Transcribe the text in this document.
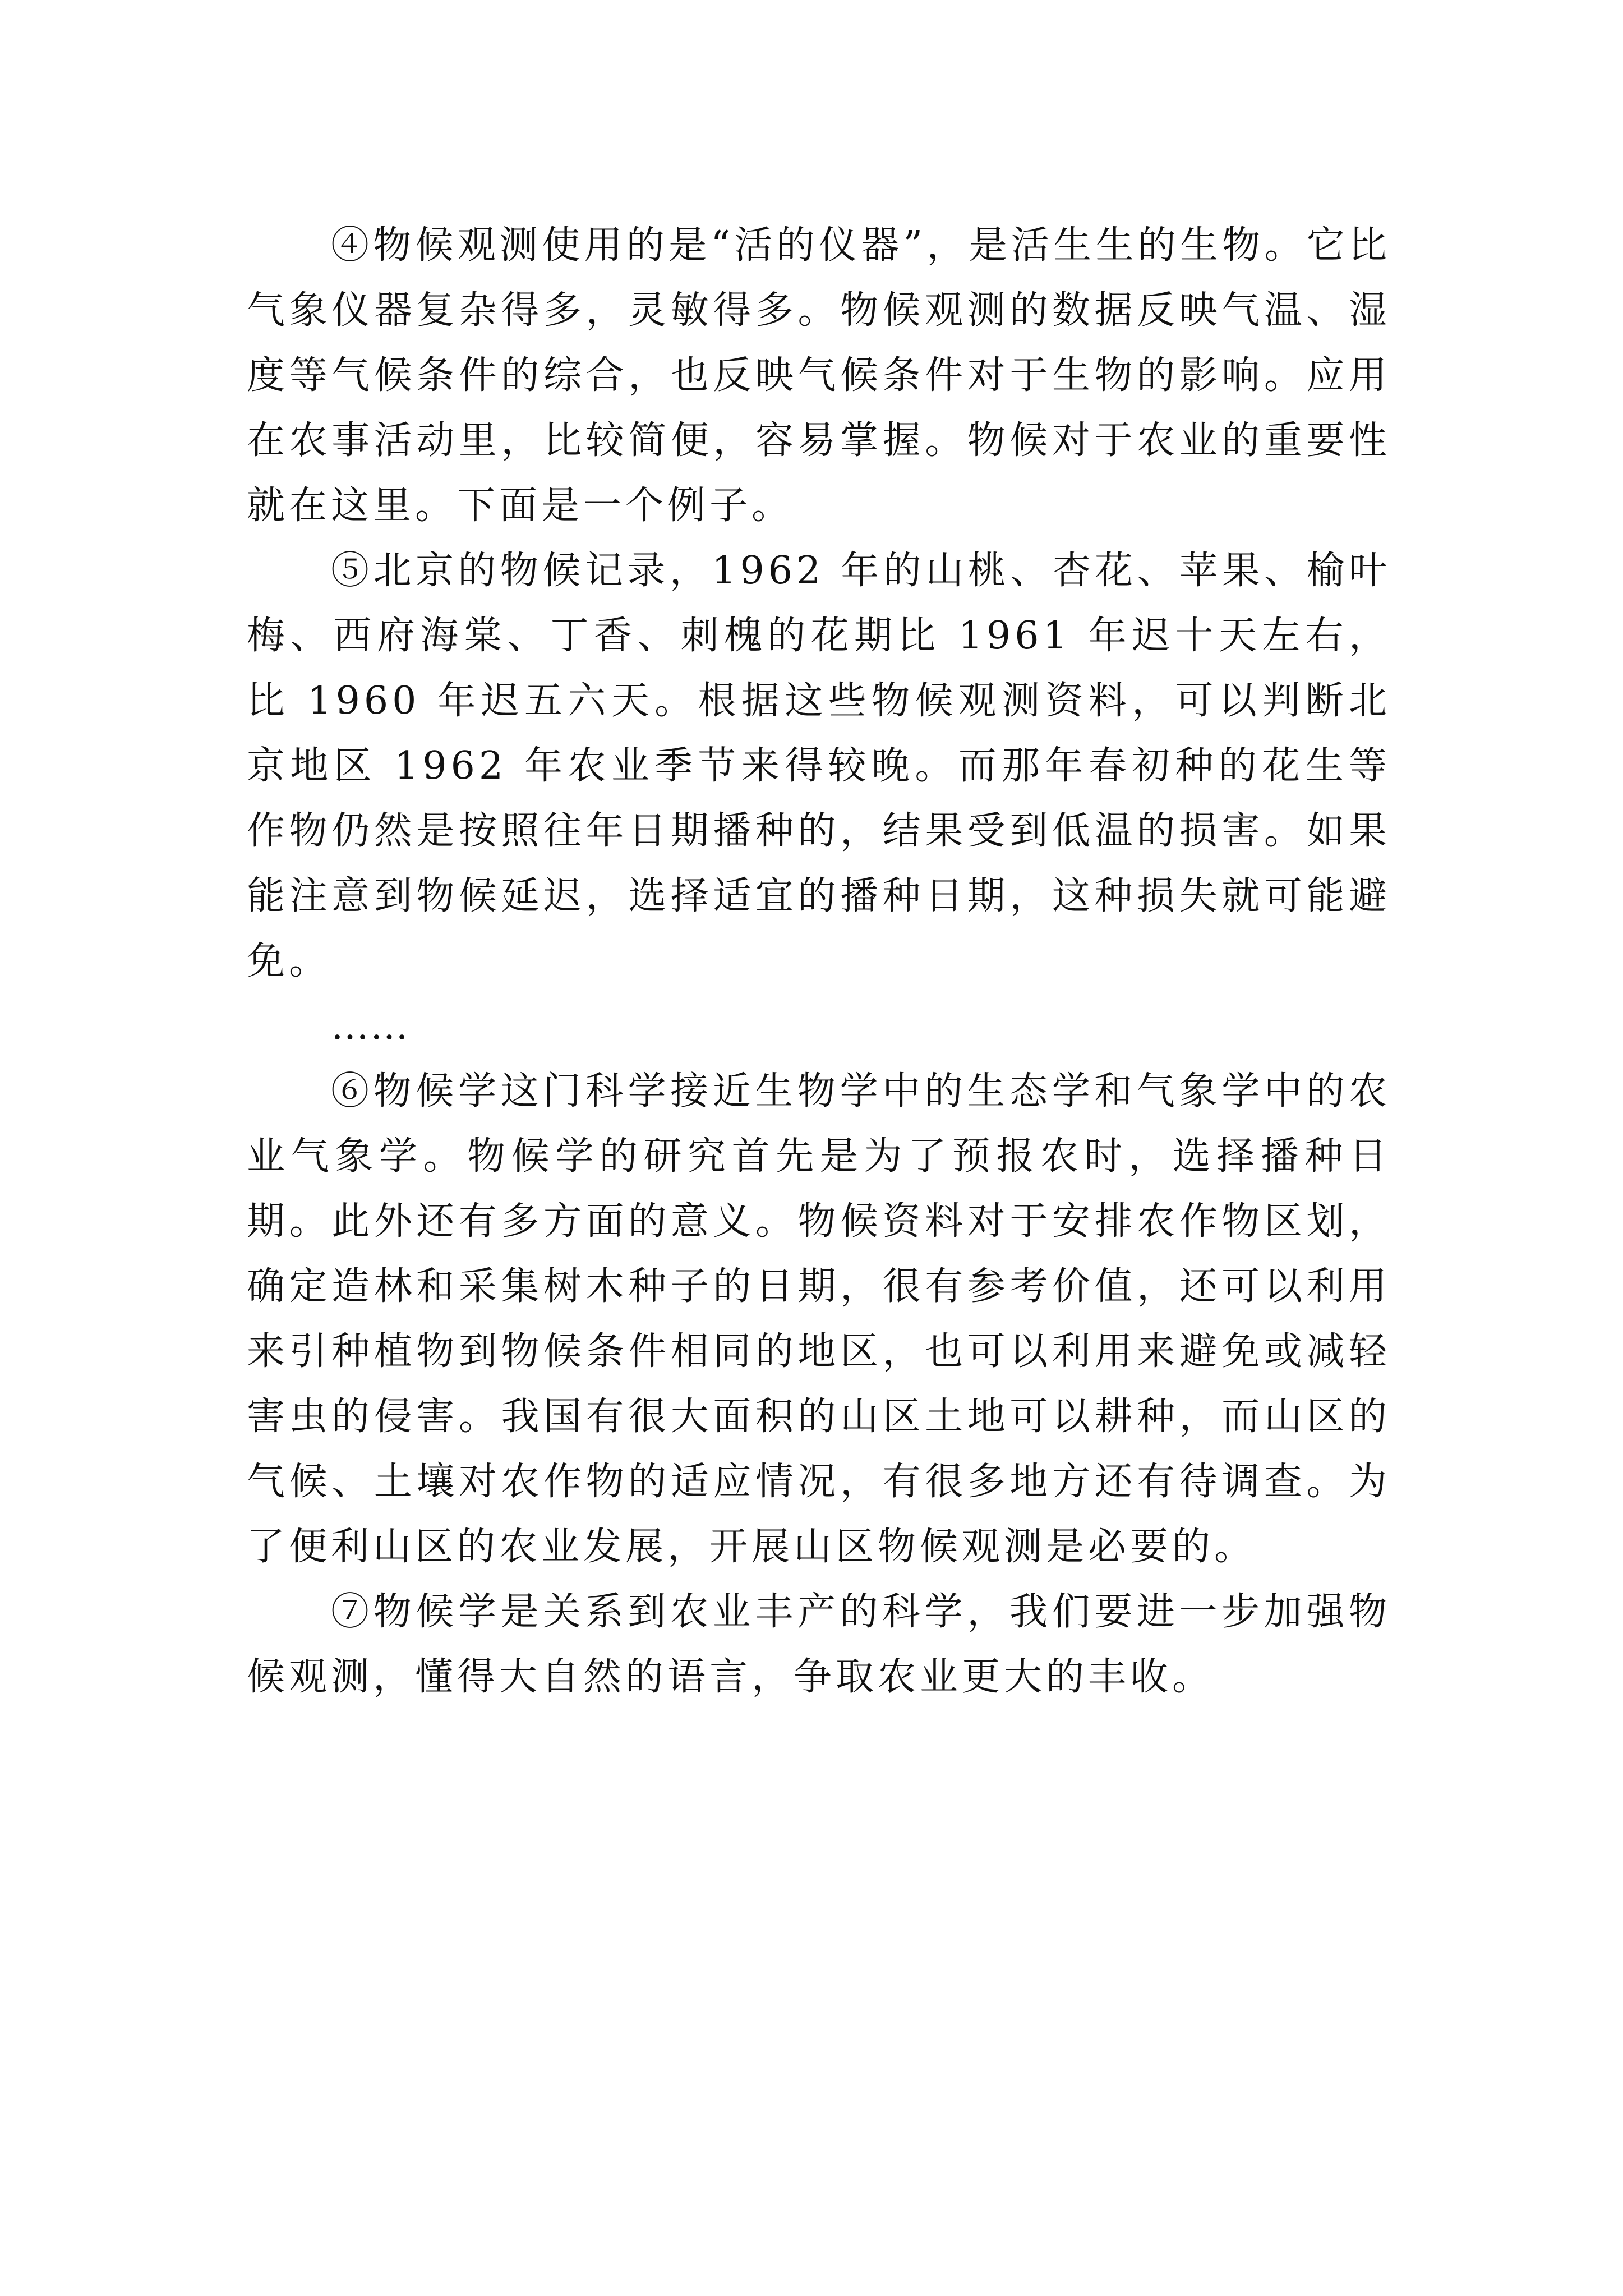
④物候观测使用的是“活的仪器”，是活生生的生物。它比气象仪器复杂得多，灵敏得多。物候观测的数据反映气温、湿度等气候条件的综合，也反映气候条件对于生物的影响。应用在农事活动里，比较简便，容易掌握。物候对于农业的重要性就在这里。下面是一个例子。

⑤北京的物候记录，1962 年的山桃、杏花、苹果、榆叶梅、西府海棠、丁香、刺槐的花期比 1961 年迟十天左右，比 1960 年迟五六天。根据这些物候观测资料，可以判断北京地区 1962 年农业季节来得较晚。而那年春初种的花生等作物仍然是按照往年日期播种的，结果受到低温的损害。如果能注意到物候延迟，选择适宜的播种日期，这种损失就可能避免。

……

⑥物候学这门科学接近生物学中的生态学和气象学中的农业气象学。物候学的研究首先是为了预报农时，选择播种日期。此外还有多方面的意义。物候资料对于安排农作物区划，确定造林和采集树木种子的日期，很有参考价值，还可以利用来引种植物到物候条件相同的地区，也可以利用来避免或减轻害虫的侵害。我国有很大面积的山区土地可以耕种，而山区的气候、土壤对农作物的适应情况，有很多地方还有待调查。为了便利山区的农业发展，开展山区物候观测是必要的。

⑦物候学是关系到农业丰产的科学，我们要进一步加强物候观测，懂得大自然的语言，争取农业更大的丰收。
